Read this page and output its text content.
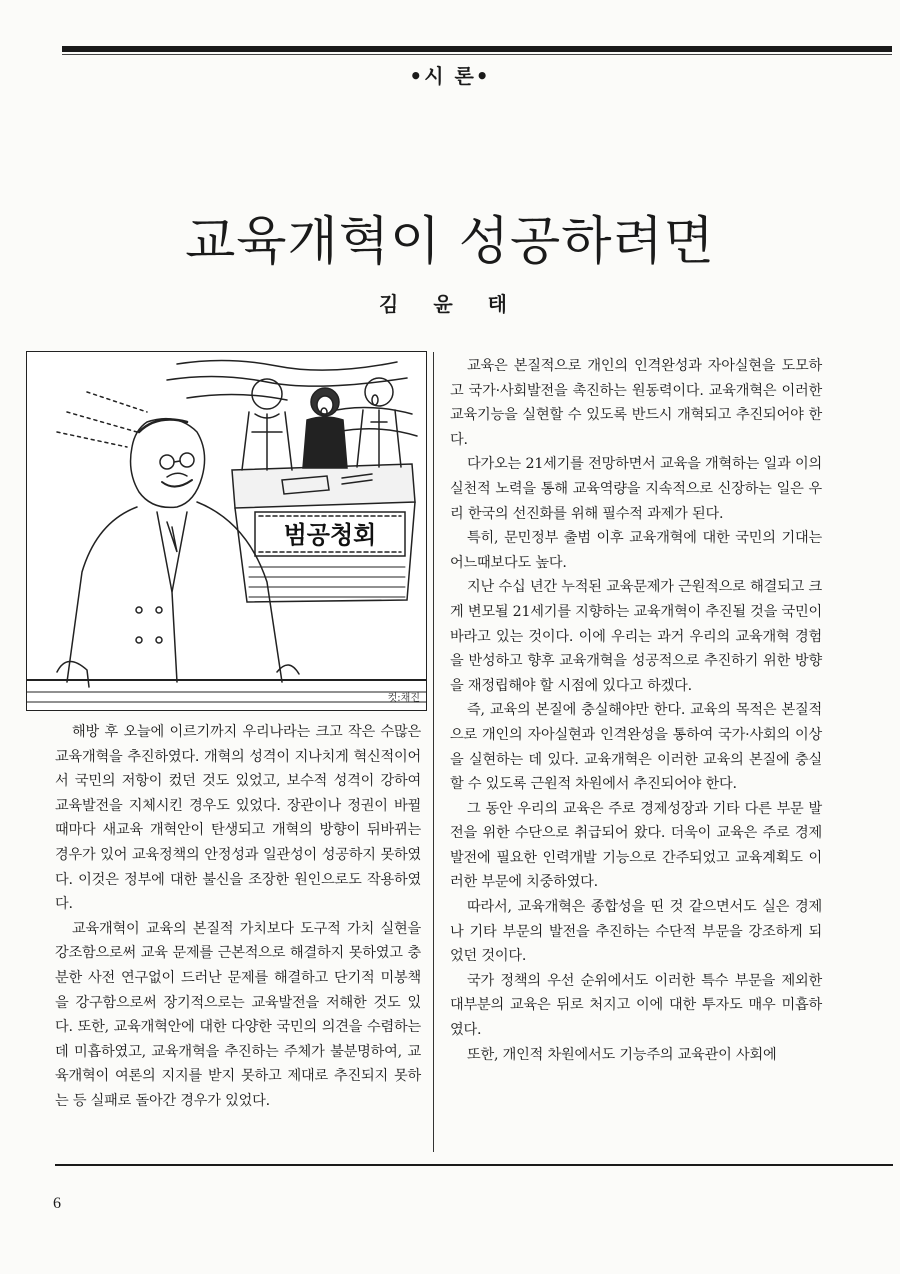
•시 론•
교육개혁이 성공하려면
김 윤 태
범공청회
컷:채진

해방 후 오늘에 이르기까지 우리나라는 크고 작은 수많은 교육개혁을 추진하였다. 개혁의 성격이 지나치게 혁신적이어서 국민의 저항이 컸던 것도 있었고, 보수적 성격이 강하여 교육발전을 지체시킨 경우도 있었다. 장관이나 정권이 바뀔 때마다 새교육 개혁안이 탄생되고 개혁의 방향이 뒤바뀌는 경우가 있어 교육정책의 안정성과 일관성이 성공하지 못하였다. 이것은 정부에 대한 불신을 조장한 원인으로도 작용하였다.

교육개혁이 교육의 본질적 가치보다 도구적 가치 실현을 강조함으로써 교육 문제를 근본적으로 해결하지 못하였고 충분한 사전 연구없이 드러난 문제를 해결하고 단기적 미봉책을 강구함으로써 장기적으로는 교육발전을 저해한 것도 있다. 또한, 교육개혁안에 대한 다양한 국민의 의견을 수렴하는데 미흡하였고, 교육개혁을 추진하는 주체가 불분명하여, 교육개혁이 여론의 지지를 받지 못하고 제대로 추진되지 못하는 등 실패로 돌아간 경우가 있었다.

교육은 본질적으로 개인의 인격완성과 자아실현을 도모하고 국가·사회발전을 촉진하는 원동력이다. 교육개혁은 이러한 교육기능을 실현할 수 있도록 반드시 개혁되고 추진되어야 한다.

다가오는 21세기를 전망하면서 교육을 개혁하는 일과 이의 실천적 노력을 통해 교육역량을 지속적으로 신장하는 일은 우리 한국의 선진화를 위해 필수적 과제가 된다.

특히, 문민정부 출범 이후 교육개혁에 대한 국민의 기대는 어느때보다도 높다.

지난 수십 년간 누적된 교육문제가 근원적으로 해결되고 크게 변모될 21세기를 지향하는 교육개혁이 추진될 것을 국민이 바라고 있는 것이다. 이에 우리는 과거 우리의 교육개혁 경험을 반성하고 향후 교육개혁을 성공적으로 추진하기 위한 방향을 재정립해야 할 시점에 있다고 하겠다.

즉, 교육의 본질에 충실해야만 한다. 교육의 목적은 본질적으로 개인의 자아실현과 인격완성을 통하여 국가·사회의 이상을 실현하는 데 있다. 교육개혁은 이러한 교육의 본질에 충실할 수 있도록 근원적 차원에서 추진되어야 한다.

그 동안 우리의 교육은 주로 경제성장과 기타 다른 부문 발전을 위한 수단으로 취급되어 왔다. 더욱이 교육은 주로 경제 발전에 필요한 인력개발 기능으로 간주되었고 교육계획도 이러한 부문에 치중하였다.

따라서, 교육개혁은 종합성을 띤 것 같으면서도 실은 경제나 기타 부문의 발전을 추진하는 수단적 부문을 강조하게 되었던 것이다.

국가 정책의 우선 순위에서도 이러한 특수 부문을 제외한 대부분의 교육은 뒤로 처지고 이에 대한 투자도 매우 미흡하였다.

또한, 개인적 차원에서도 기능주의 교육관이 사회에

6
